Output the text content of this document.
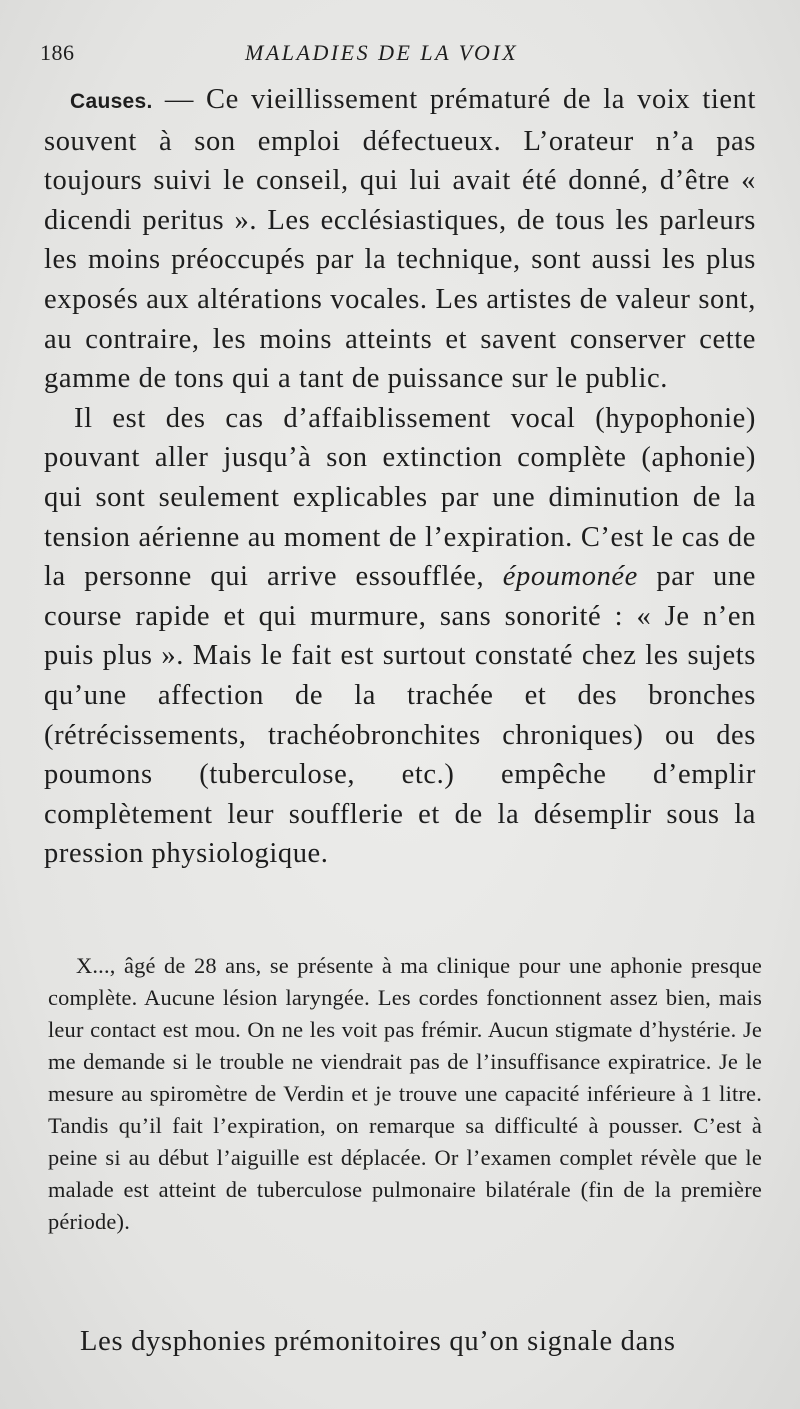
186	MALADIES DE LA VOIX

Causes. — Ce vieillissement prématuré de la voix tient souvent à son emploi défectueux. L’orateur n’a pas toujours suivi le conseil, qui lui avait été donné, d’être « dicendi peritus ». Les ecclésiastiques, de tous les parleurs les moins préoccupés par la technique, sont aussi les plus exposés aux altérations vocales. Les artistes de valeur sont, au contraire, les moins atteints et savent conserver cette gamme de tons qui a tant de puissance sur le public.

Il est des cas d’affaiblissement vocal (hypophonie) pouvant aller jusqu’à son extinction complète (aphonie) qui sont seulement explicables par une diminution de la tension aérienne au moment de l’expiration. C’est le cas de la personne qui arrive essoufflée, époumonée par une course rapide et qui murmure, sans sonorité : « Je n’en puis plus ». Mais le fait est surtout constaté chez les sujets qu’une affection de la trachée et des bronches (rétrécissements, trachéobronchites chroniques) ou des poumons (tuberculose, etc.) empêche d’emplir complètement leur soufflerie et de la désemplir sous la pression physiologique.

X..., âgé de 28 ans, se présente à ma clinique pour une aphonie presque complète. Aucune lésion laryngée. Les cordes fonctionnent assez bien, mais leur contact est mou. On ne les voit pas frémir. Aucun stigmate d’hystérie. Je me demande si le trouble ne viendrait pas de l’insuffisance expiratrice. Je le mesure au spiromètre de Verdin et je trouve une capacité inférieure à 1 litre. Tandis qu’il fait l’expiration, on remarque sa difficulté à pousser. C’est à peine si au début l’aiguille est déplacée. Or l’examen complet révèle que le malade est atteint de tuberculose pulmonaire bilatérale (fin de la première période).

Les dysphonies prémonitoires qu’on signale dans
